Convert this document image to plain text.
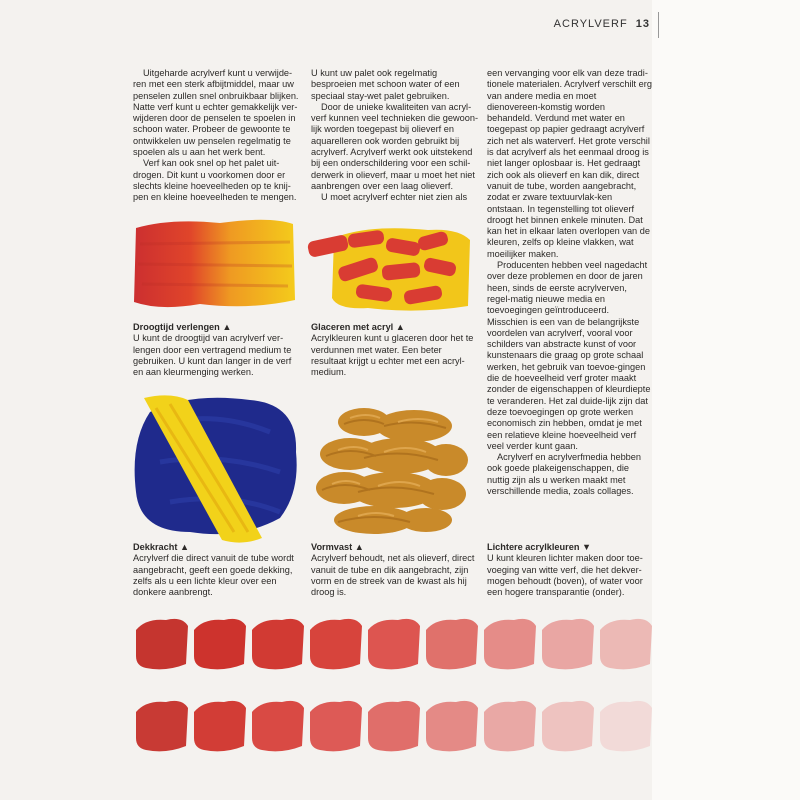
ACRYLVERF 13

Uitgeharde acrylverf kunt u verwijde-ren met een sterk afbijtmiddel, maar uw penselen zullen snel onbruikbaar blijken. Natte verf kunt u echter gemakkelijk ver-wijderen door de penselen te spoelen in schoon water. Probeer de gewoonte te ontwikkelen uw penselen regelmatig te spoelen als u aan het werk bent.

Verf kan ook snel op het palet uit-drogen. Dit kunt u voorkomen door er slechts kleine hoeveelheden op te knij-pen en kleine hoeveelheden te mengen.

U kunt uw palet ook regelmatig besproeien met schoon water of een speciaal stay-wet palet gebruiken.

Door de unieke kwaliteiten van acryl-verf kunnen veel technieken die gewoon-lijk worden toegepast bij olieverf en aquarelleren ook worden gebruikt bij acrylverf. Acrylverf werkt ook uitstekend bij een onderschildering voor een schil-derwerk in olieverf, maar u moet het niet aanbrengen over een laag olieverf.

U moet acrylverf echter niet zien als

een vervanging voor elk van deze tradi-tionele materialen. Acrylverf verschilt erg van andere media en moet dienovereen-komstig worden behandeld. Verdund met water en toegepast op papier gedraagt acrylverf zich net als waterverf. Het grote verschil is dat acrylverf als het eenmaal droog is niet langer oplosbaar is. Het gedraagt zich ook als olieverf en kan dik, direct vanuit de tube, worden aangebracht, zodat er zware textuurvlak-ken ontstaan. In tegenstelling tot olieverf droogt het binnen enkele minuten. Dat kan het in elkaar laten overlopen van de kleuren, zelfs op kleine vlakken, wat moeilijker maken.

Producenten hebben veel nagedacht over deze problemen en door de jaren heen, sinds de eerste acrylverven, regel-matig nieuwe media en toevoegingen geïntroduceerd. Misschien is een van de belangrijkste voordelen van acrylverf, vooral voor schilders van abstracte kunst of voor kunstenaars die graag op grote schaal werken, het gebruik van toevoe-gingen die de hoeveelheid verf groter maakt zonder de eigenschappen of kleurdiepte te veranderen. Het zal duide-lijk zijn dat deze toevoegingen op grote werken economisch zin hebben, omdat je met een relatieve kleine hoeveelheid verf veel verder kunt gaan.

Acrylverf en acrylverfmedia hebben ook goede plakeigenschappen, die nuttig zijn als u werken maakt met verschillende media, zoals collages.

Droogtijd verlengen ▲
U kunt de droogtijd van acrylverf ver-lengen door een vertragend medium te gebruiken. U kunt dan langer in de verf en aan kleurmenging werken.
Glaceren met acryl ▲
Acrylkleuren kunt u glaceren door het te verdunnen met water. Een beter resultaat krijgt u echter met een acryl-medium.
Dekkracht ▲
Acrylverf die direct vanuit de tube wordt aangebracht, geeft een goede dekking, zelfs als u een lichte kleur over een donkere aanbrengt.
Vormvast ▲
Acrylverf behoudt, net als olieverf, direct vanuit de tube en dik aangebracht, zijn vorm en de streek van de kwast als hij droog is.
Lichtere acrylkleuren ▼
U kunt kleuren lichter maken door toe-voeging van witte verf, die het dekver-mogen behoudt (boven), of water voor een hogere transparantie (onder).
